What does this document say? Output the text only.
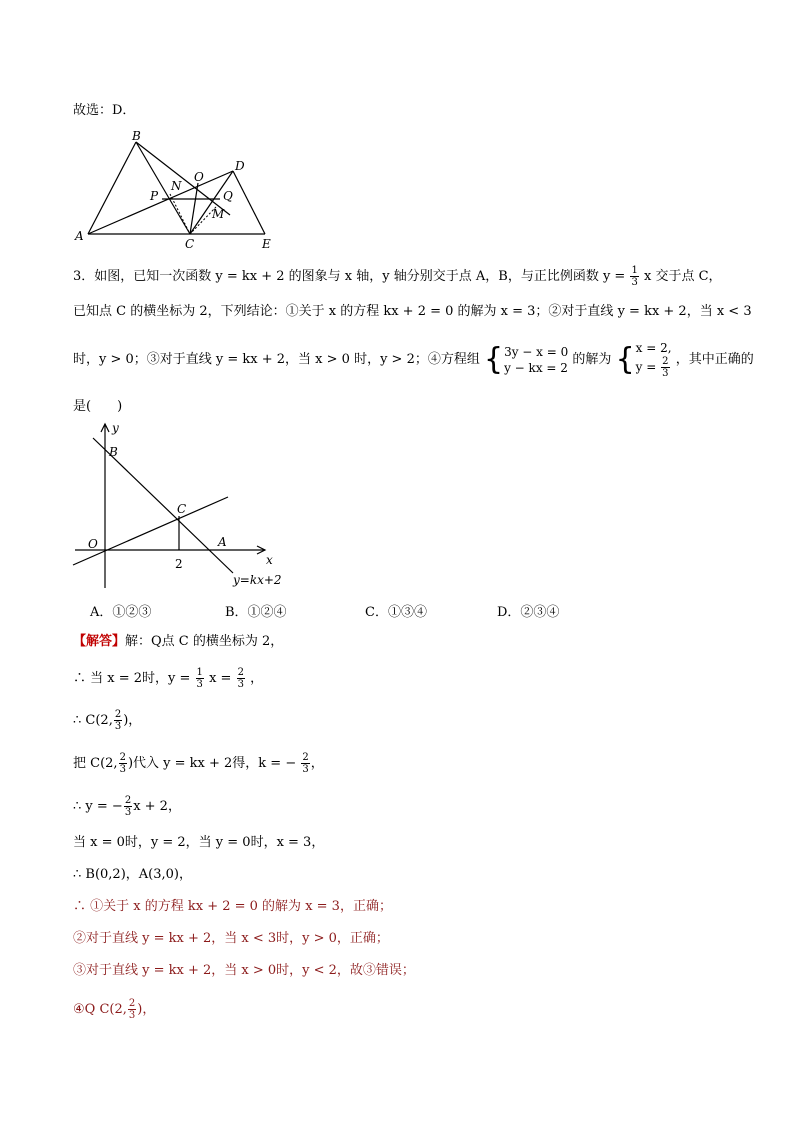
故选：D．
B
D
O
N
P	Q
M
A
C	E
3．如图，已知一次函数 y = kx + 2 的图象与 x 轴，y 轴分别交于点 A，B，与正比例函数 $y = \frac{1}{3}$ x 交于点 C，
已知点 C 的横坐标为 2，下列结论：①关于 x 的方程 kx + 2 = 0 的解为 x = 3；②对于直线 y = kx + 2，当 x < 3
时，y > 0；③对于直线 y = kx + 2，当 x > 0 时，y > 2；④方程组 { 3y − x = 0
y − kx = 2
的解为 { x = 2,
$y = \frac{2}{3}$ ，其中正确的
是(　　)
y
B
C
O	A
x
y=kx+2
2
A．①②③	B．①②④	C．①③④	D．②③④
【解答】解：Q点 C 的横坐标为 2，
∴ 当 x = 2时，$y = \frac{1}{3}$ $x = \frac{2}{3}$ ，
∴ C(2, $\frac{2}{3}$ )，
把 C(2, $\frac{2}{3}$ )代入 y = kx + 2得，k = − $\frac{2}{3}$ ，
∴ y = − $\frac{2}{3}$ x + 2，
当 x = 0时，y = 2，当 y = 0时，x = 3，
∴ B(0,2)，A(3,0)，
∴ ①关于 x 的方程 kx + 2 = 0 的解为 x = 3，正确；
②对于直线 y = kx + 2，当 x < 3时，y > 0，正确；
③对于直线 y = kx + 2，当 x > 0时，y < 2，故③错误；
④Q C(2, $\frac{2}{3}$ )，
